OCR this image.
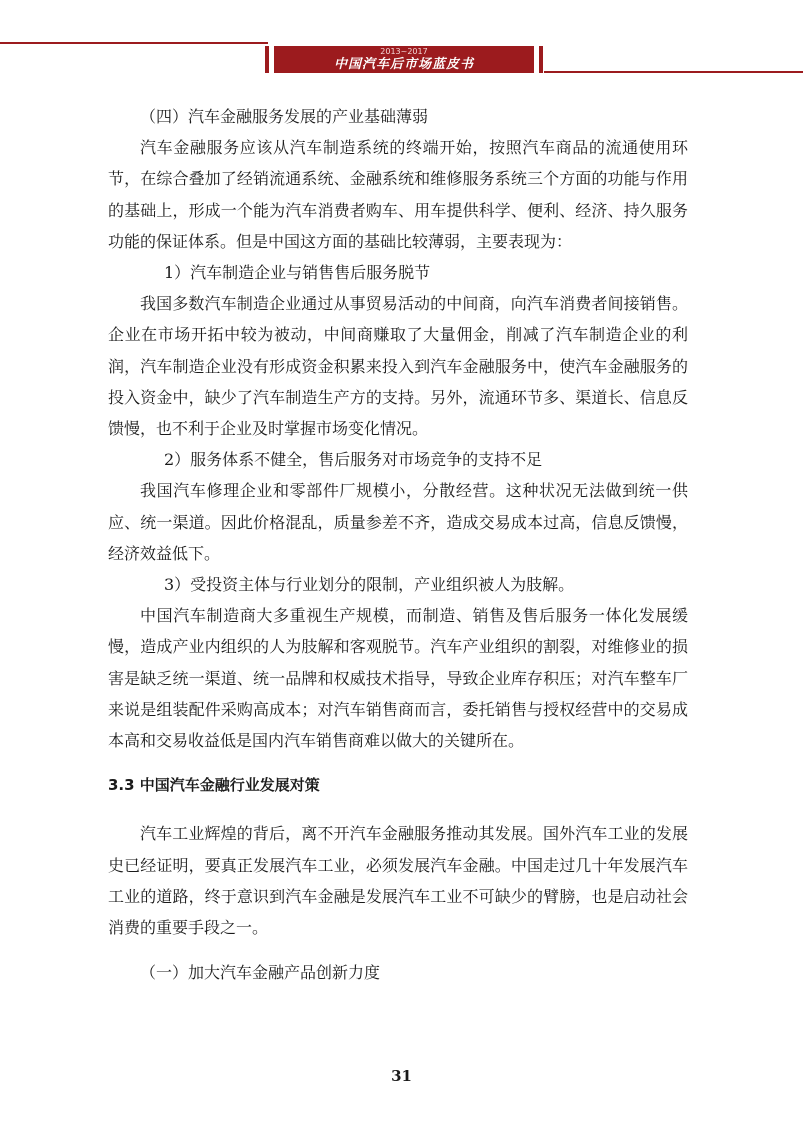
2013~2017
中国汽车后市场蓝皮书

（四）汽车金融服务发展的产业基础薄弱

汽车金融服务应该从汽车制造系统的终端开始，按照汽车商品的流通使用环节，在综合叠加了经销流通系统、金融系统和维修服务系统三个方面的功能与作用的基础上，形成一个能为汽车消费者购车、用车提供科学、便利、经济、持久服务功能的保证体系。但是中国这方面的基础比较薄弱，主要表现为：

1）汽车制造企业与销售售后服务脱节

我国多数汽车制造企业通过从事贸易活动的中间商，向汽车消费者间接销售。企业在市场开拓中较为被动，中间商赚取了大量佣金，削减了汽车制造企业的利润，汽车制造企业没有形成资金积累来投入到汽车金融服务中，使汽车金融服务的投入资金中，缺少了汽车制造生产方的支持。另外，流通环节多、渠道长、信息反馈慢，也不利于企业及时掌握市场变化情况。

2）服务体系不健全，售后服务对市场竞争的支持不足

我国汽车修理企业和零部件厂规模小，分散经营。这种状况无法做到统一供应、统一渠道。因此价格混乱，质量参差不齐，造成交易成本过高，信息反馈慢，经济效益低下。

3）受投资主体与行业划分的限制，产业组织被人为肢解。

中国汽车制造商大多重视生产规模，而制造、销售及售后服务一体化发展缓慢，造成产业内组织的人为肢解和客观脱节。汽车产业组织的割裂，对维修业的损害是缺乏统一渠道、统一品牌和权威技术指导，导致企业库存积压；对汽车整车厂来说是组装配件采购高成本；对汽车销售商而言，委托销售与授权经营中的交易成本高和交易收益低是国内汽车销售商难以做大的关键所在。

3.3 中国汽车金融行业发展对策

汽车工业辉煌的背后，离不开汽车金融服务推动其发展。国外汽车工业的发展史已经证明，要真正发展汽车工业，必须发展汽车金融。中国走过几十年发展汽车工业的道路，终于意识到汽车金融是发展汽车工业不可缺少的臂膀，也是启动社会消费的重要手段之一。

（一）加大汽车金融产品创新力度

31
